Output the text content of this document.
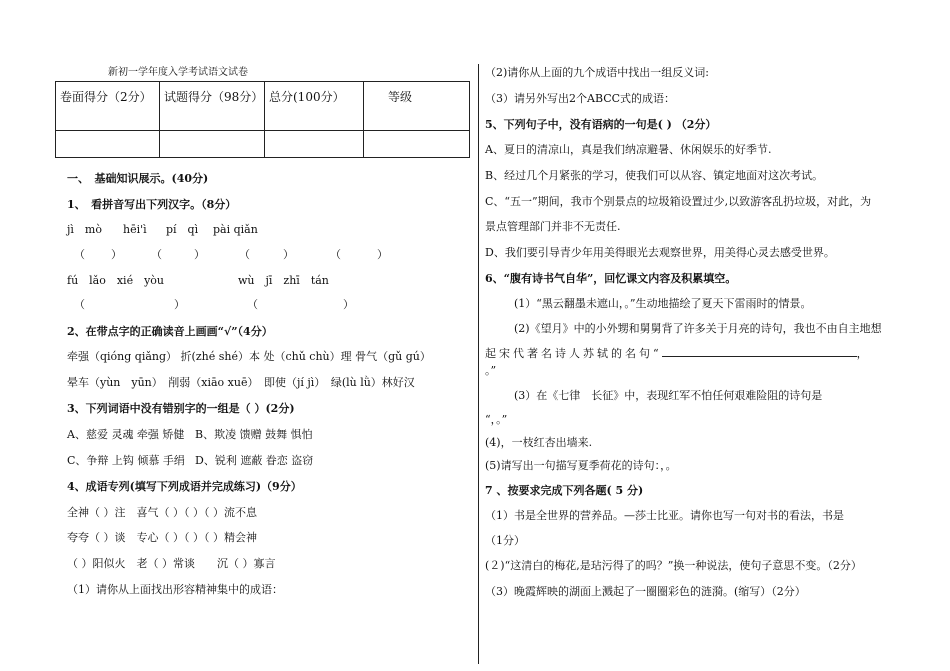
新初一学年度入学考试语文试卷
卷面得分（2分）	试题得分（98分）	总分(100分）	等级

一、　基础知识展示。(40分)
1、　看拼音写出下列汉字。（8分）
jì　mò hēi'ì pí　qì pài qiǎn
（ ）	（	）	（	）	（	）
fú　lǎo　xié　yòu	wù　jī　zhī　tán
（	）	（	）
2、在带点字的正确读音上画画“√”（4分）
牵强（qióng qiǎng） 折(zhé shé）本 处（chǔ chù）理 骨气（gǔ gú）
晕车（yùn　yūn）　削弱（xiāo xuē）　即使（jí jì）　绿(lù lǜ）林好汉
3、下列词语中没有错别字的一组是（ ）(2分)
A、慈爱 灵魂 牵强 矫健 B、欺凌 馈赠 鼓舞 惧怕
C、争辩 上钩 倾慕 手绢 D、锐利 遮蔽 眷恋 盗窃
4、成语专列(填写下列成语并完成练习)（9分）
全神（ ）注　喜气（ ）（ ）（ ）流不息
夸夸（ ）谈　专心（ ）（ ）（ ）精会神
（ ）阳似火　老（ ）常谈　　沉（ ）寡言
（1）请你从上面找出形容精神集中的成语：
（2)请你从上面的九个成语中找出一组反义词:
（3）请另外写出2个ABCC式的成语：
5、下列句子中，没有语病的一句是( ) （2分）
A、夏日的清凉山，真是我们纳凉避暑、休闲娱乐的好季节.
B、经过几个月紧张的学习，使我们可以从容、镇定地面对这次考试。
C、“五一”期间，我市个别景点的垃圾箱设置过少,以致游客乱扔垃圾，对此，为
景点管理部门并非不无责任.
D、我们要引导青少年用美得眼光去观察世界，用美得心灵去感受世界。
6、“腹有诗书气自华”，回忆课文内容及积累填空。
(1）“黑云翻墨未遮山，。”生动地描绘了夏天下雷雨时的情景。
(2)《望月》中的小外甥和舅舅背了许多关于月亮的诗句，我也不由自主地想
起宋代著名诗人苏轼的名句“	，
。”
(3）在《七律　长征》中，表现红军不怕任何艰难险阻的诗句是
“，。”
(4)，一枝红杏出墙来.
(5)请写出一句描写夏季荷花的诗句：，。
7 、按要求完成下列各题( 5 分)
（1）书是全世界的营养品。—莎士比亚。请你也写一句对书的看法，书是
（1分）
(２)“这清白的梅花,是玷污得了的吗？”换一种说法，使句子意思不变。（2分）
（3）晚霞辉映的湖面上溅起了一圈圈彩色的涟漪。(缩写）（2分）
